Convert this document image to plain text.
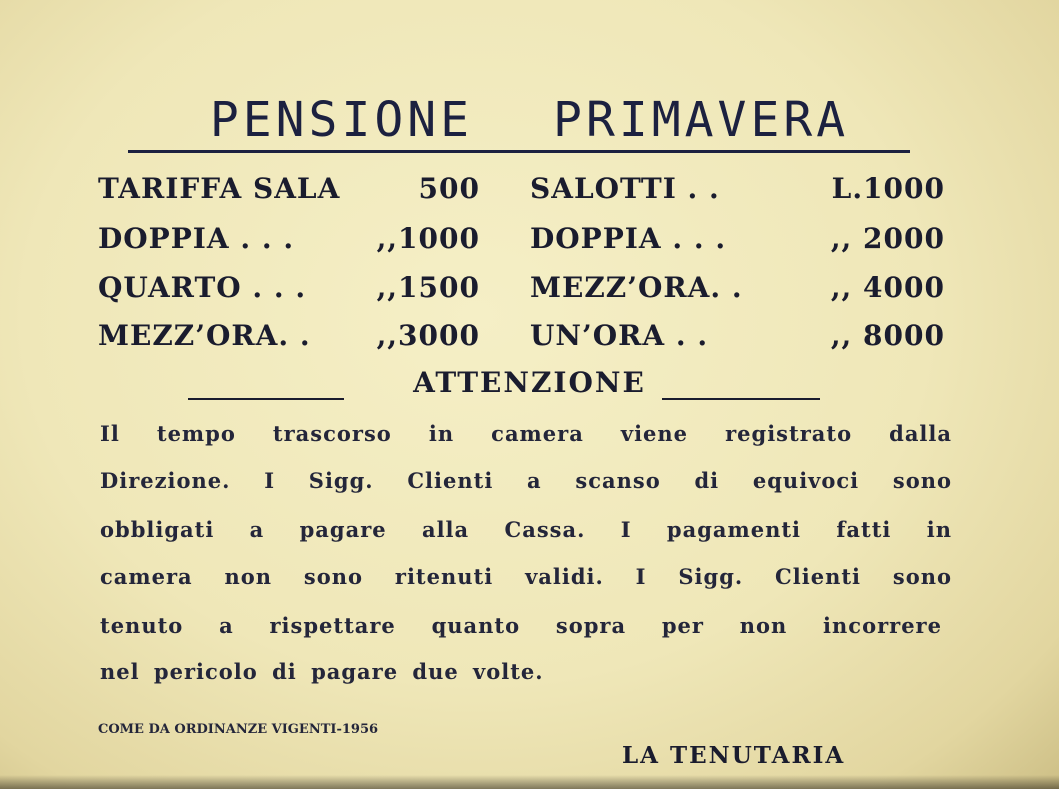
PENSIONE PRIMAVERA
TARIFFA SALA	500 SALOTTI . .	L.1000
DOPPIA . . .	,,1000 DOPPIA . . .	,, 2000
QUARTO . . .	,,1500 MEZZ’ORA. .	,, 4000
MEZZ’ORA. .	,,3000 UN’ORA . .	,, 8000
ATTENZIONE
Il tempo trascorso in camera viene registrato dalla
Direzione. I Sigg. Clienti a scanso di equivoci sono
obbligati a pagare alla Cassa. I pagamenti fatti in
camera non sono ritenuti validi. I Sigg. Clienti sono
tenuto a rispettare quanto sopra per non incorrere
nel pericolo di pagare due volte.
COME DA ORDINANZE VIGENTI-1956
LA TENUTARIA
